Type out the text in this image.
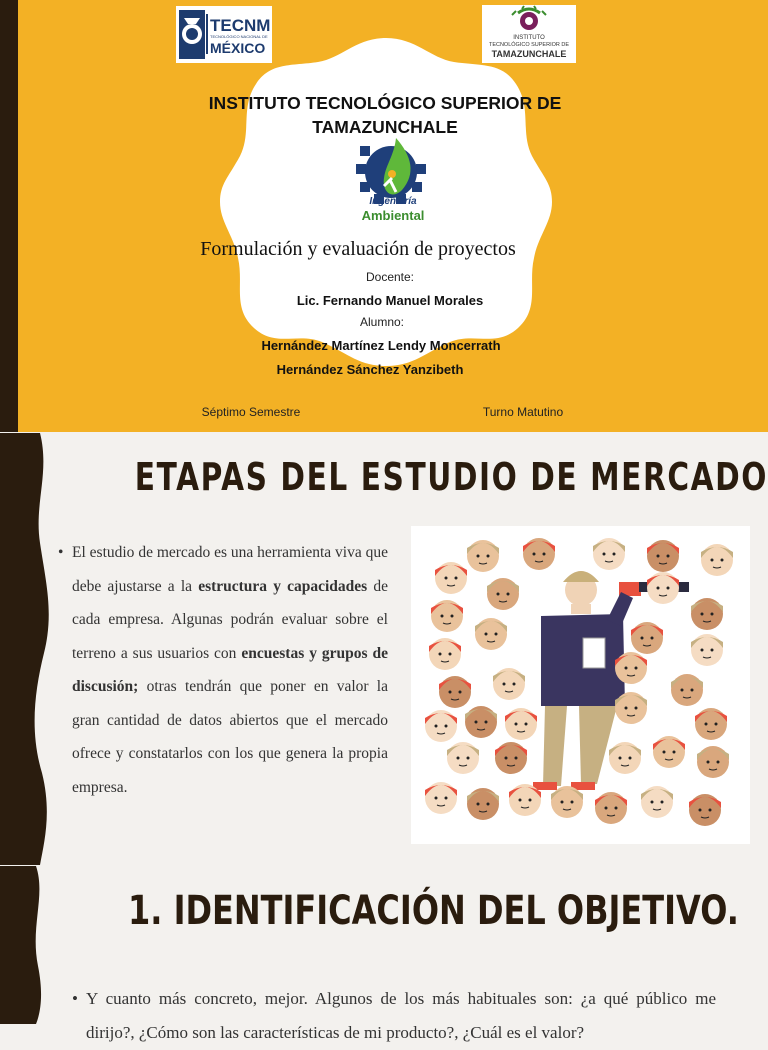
TECNM
TECNOLÓGICO NACIONAL DE
MÉXICO
INSTITUTO
TECNOLÓGICO SUPERIOR DE
TAMAZUNCHALE
INSTITUTO TECNOLÓGICO SUPERIOR DE
TAMAZUNCHALE
Ingeniería
Ambiental
Formulación y evaluación de proyectos
Docente:
Lic. Fernando Manuel Morales
Alumno:
Hernández Martínez Lendy Moncerrath
Hernández Sánchez Yanzibeth
Séptimo Semestre	Turno Matutino
ETAPAS DEL ESTUDIO DE MERCADO
• El estudio de mercado es una herramienta viva que debe ajustarse a la estructura y capacidades de cada empresa. Algunas podrán evaluar sobre el terreno a sus usuarios con encuestas y grupos de discusión; otras tendrán que poner en valor la gran cantidad de datos abiertos que el mercado ofrece y constatarlos con los que genera la propia empresa.

1. IDENTIFICACIÓN DEL OBJETIVO.
• Y cuanto más concreto, mejor. Algunos de los más habituales son: ¿a qué público me dirijo?, ¿Cómo son las características de mi producto?, ¿Cuál es el valor?
